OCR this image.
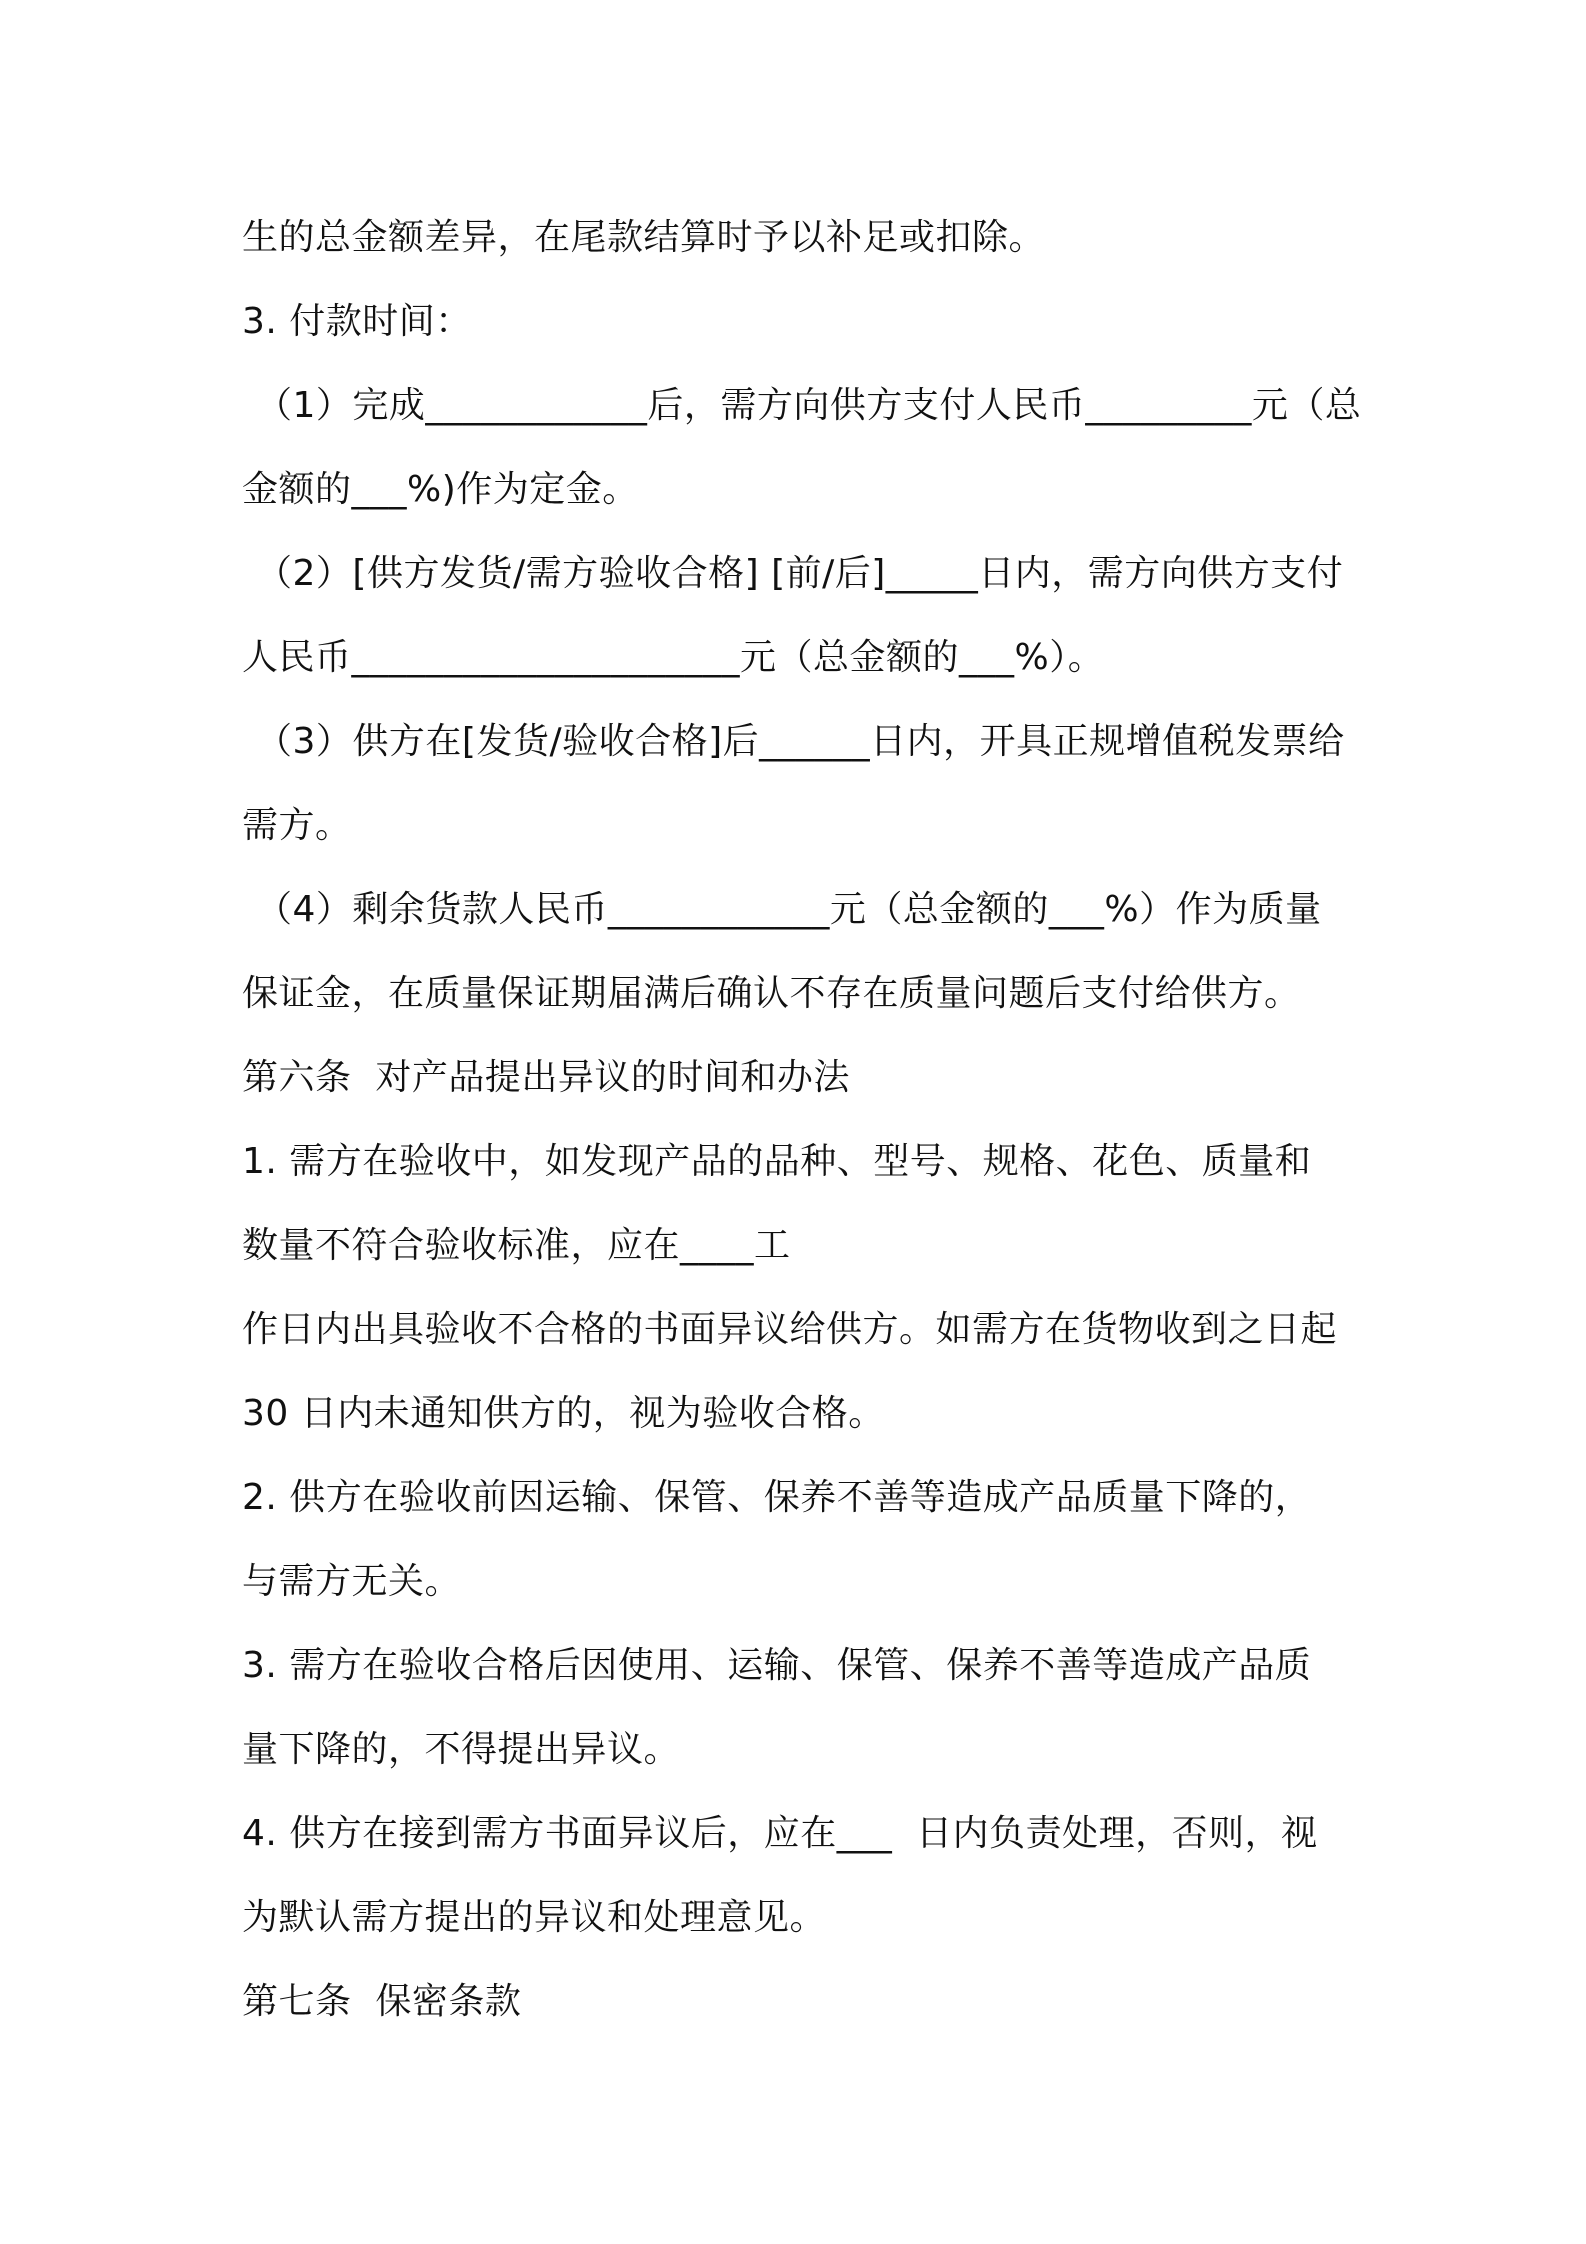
生的总金额差异，在尾款结算时予以补足或扣除。
3. 付款时间：
（1）完成____________后，需方向供方支付人民币_________元（总
金额的___%)作为定金。
（2）[供方发货/需方验收合格] [前/后]_____日内，需方向供方支付
人民币_____________________元（总金额的___%）。
（3）供方在[发货/验收合格]后______日内，开具正规增值税发票给
需方。
（4）剩余货款人民币____________元（总金额的___%）作为质量
保证金，在质量保证期届满后确认不存在质量问题后支付给供方。
第六条  对产品提出异议的时间和办法
1. 需方在验收中，如发现产品的品种、型号、规格、花色、质量和
数量不符合验收标准，应在____工
作日内出具验收不合格的书面异议给供方。如需方在货物收到之日起
30 日内未通知供方的，视为验收合格。
2. 供方在验收前因运输、保管、保养不善等造成产品质量下降的，
与需方无关。
3. 需方在验收合格后因使用、运输、保管、保养不善等造成产品质
量下降的，不得提出异议。
4. 供方在接到需方书面异议后，应在___  日内负责处理，否则，视
为默认需方提出的异议和处理意见。
第七条  保密条款
